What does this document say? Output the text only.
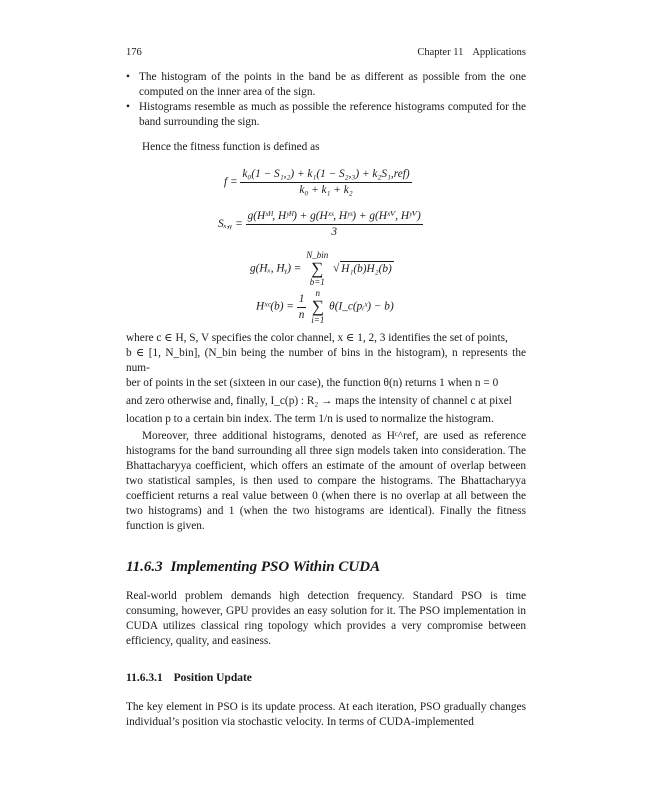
176	Chapter 11 Applications
• The histogram of the points in the band be as different as possible from the one computed on the inner area of the sign.
• Histograms resemble as much as possible the reference histograms computed for the band surrounding the sign.

Hence the fitness function is defined as

$f = \frac{\text{k₀(1 − S₁,₂) + k₁(1 − S₂,₃) + k₂S₁,ref)}}{\text{k₀ + k₁ + k₂}}$
Sₓ,ᵧ = $\frac{\text{g(Hˣᴴ, Hʸᴴ) + g(Hˣˢ, Hʸˢ) + g(Hˣⱽ, Hʸⱽ)}}{3}$
g(Hₓ, Hᵧ) =
N_bin
∑
b=1
√ H₁(b)H₂(b)
Hˣᶜ(b) = $\frac{1}{n}$
	n
∑
i=1
θ(I_c(pᵢˣ) − b)

where c ∈ H, S, V specifies the color channel, x ∈ 1, 2, 3 identifies the set of points,

b ∈ [1, N_bin], (N_bin being the number of bins in the histogram), n represents the num-

ber of points in the set (sixteen in our case), the function θ(n) returns 1 when n = 0

and zero otherwise and, finally, I_c(p) : R₂ → maps the intensity of channel c at pixel

location p to a certain bin index. The term 1/n is used to normalize the histogram.

Moreover, three additional histograms, denoted as Hᶜ^ref, are used as reference histograms for the band surrounding all three sign models taken into consideration. The Bhattacharyya coefficient, which offers an estimate of the amount of overlap between two statistical samples, is then used to compare the histograms. The Bhattacharyya coefficient returns a real value between 0 (when there is no overlap at all between the two histograms) and 1 (when the two histograms are identical). Finally the fitness function is given.

11.6.3 Implementing PSO Within CUDA

Real-world problem demands high detection frequency. Standard PSO is time consuming, however, GPU provides an easy solution for it. The PSO implementation in CUDA utilizes classical ring topology which provides a very compromise between efficiency, quality, and easiness.

11.6.3.1 Position Update

The key element in PSO is its update process. At each iteration, PSO gradually changes individual’s position via stochastic velocity. In terms of CUDA-implemented
